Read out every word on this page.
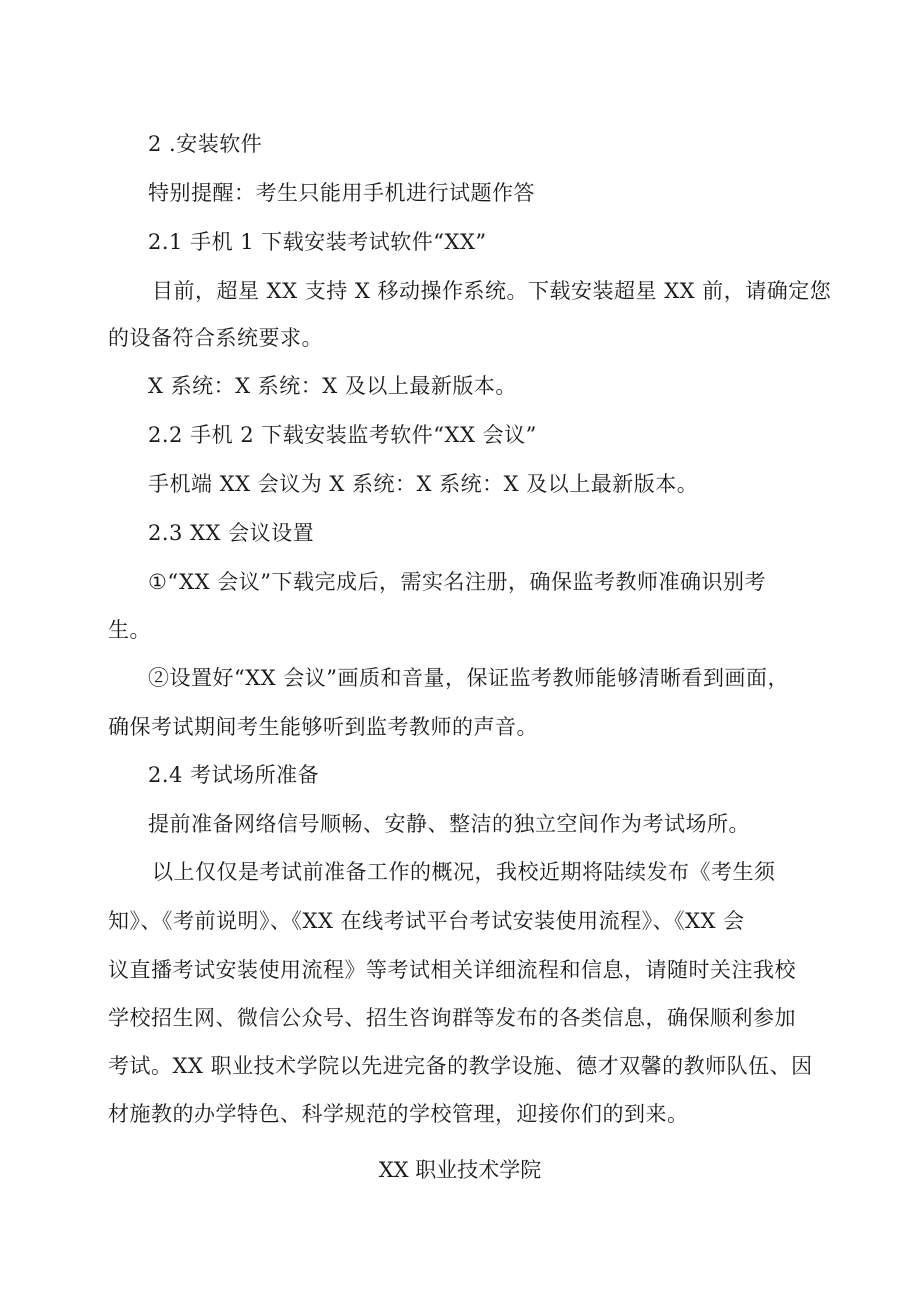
2 .安装软件
特别提醒：考生只能用手机进行试题作答
2.1 手机 1 下载安装考试软件“XX”
目前，超星 XX 支持 X 移动操作系统。下载安装超星 XX 前，请确定您
的设备符合系统要求。
X 系统：X 系统：X 及以上最新版本。
2.2 手机 2 下载安装监考软件“XX 会议”
手机端 XX 会议为 X 系统：X 系统：X 及以上最新版本。
2.3 XX 会议设置
①“XX 会议”下载完成后，需实名注册，确保监考教师准确识别考
生。
②设置好“XX 会议”画质和音量，保证监考教师能够清晰看到画面，
确保考试期间考生能够听到监考教师的声音。
2.4 考试场所准备
提前准备网络信号顺畅、安静、整洁的独立空间作为考试场所。
以上仅仅是考试前准备工作的概况，我校近期将陆续发布《考生须
知》、《考前说明》、《XX 在线考试平台考试安装使用流程》、《XX 会
议直播考试安装使用流程》等考试相关详细流程和信息，请随时关注我校
学校招生网、微信公众号、招生咨询群等发布的各类信息，确保顺利参加
考试。XX 职业技术学院以先进完备的教学设施、德才双馨的教师队伍、因
材施教的办学特色、科学规范的学校管理，迎接你们的到来。
XX 职业技术学院
